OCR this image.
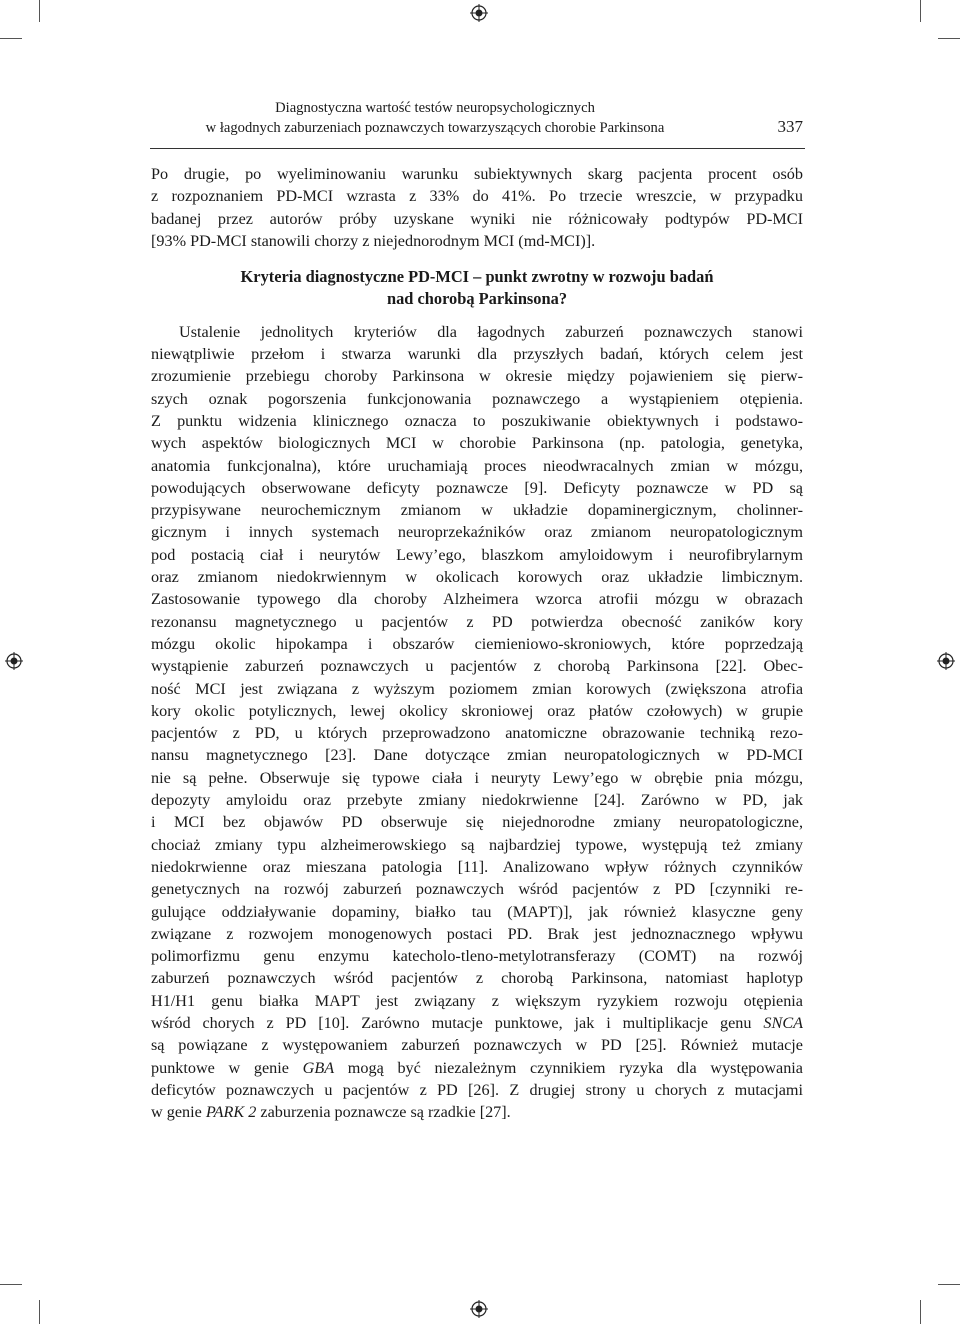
Diagnostyczna wartość testów neuropsychologicznych
w łagodnych zaburzeniach poznawczych towarzyszących chorobie Parkinsona	337
Po drugie, po wyeliminowaniu warunku subiektywnych skarg pacjenta procent osób
z rozpoznaniem PD-MCI wzrasta z 33% do 41%. Po trzecie wreszcie, w przypadku
badanej przez autorów próby uzyskane wyniki nie różnicowały podtypów PD-MCI
[93% PD-MCI stanowili chorzy z niejednorodnym MCI (md-MCI)].
Kryteria diagnostyczne PD-MCI – punkt zwrotny w rozwoju badań
nad chorobą Parkinsona?
Ustalenie jednolitych kryteriów dla łagodnych zaburzeń poznawczych stanowi
niewątpliwie przełom i stwarza warunki dla przyszłych badań, których celem jest
zrozumienie przebiegu choroby Parkinsona w okresie między pojawieniem się pierw-
szych oznak pogorszenia funkcjonowania poznawczego a wystąpieniem otępienia.
Z punktu widzenia klinicznego oznacza to poszukiwanie obiektywnych i podstawo-
wych aspektów biologicznych MCI w chorobie Parkinsona (np. patologia, genetyka,
anatomia funkcjonalna), które uruchamiają proces nieodwracalnych zmian w mózgu,
powodujących obserwowane deficyty poznawcze [9]. Deficyty poznawcze w PD są
przypisywane neurochemicznym zmianom w układzie dopaminergicznym, cholinner-
gicznym i innych systemach neuroprzekaźników oraz zmianom neuropatologicznym
pod postacią ciał i neurytów Lewy’ego, blaszkom amyloidowym i neurofibrylarnym
oraz zmianom niedokrwiennym w okolicach korowych oraz układzie limbicznym.
Zastosowanie typowego dla choroby Alzheimera wzorca atrofii mózgu w obrazach
rezonansu magnetycznego u pacjentów z PD potwierdza obecność zaników kory
mózgu okolic hipokampa i obszarów ciemieniowo-skroniowych, które poprzedzają
wystąpienie zaburzeń poznawczych u pacjentów z chorobą Parkinsona [22]. Obec-
ność MCI jest związana z wyższym poziomem zmian korowych (zwiększona atrofia
kory okolic potylicznych, lewej okolicy skroniowej oraz płatów czołowych) w grupie
pacjentów z PD, u których przeprowadzono anatomiczne obrazowanie techniką rezo-
nansu magnetycznego [23]. Dane dotyczące zmian neuropatologicznych w PD-MCI
nie są pełne. Obserwuje się typowe ciała i neuryty Lewy’ego w obrębie pnia mózgu,
depozyty amyloidu oraz przebyte zmiany niedokrwienne [24]. Zarówno w PD, jak
i MCI bez objawów PD obserwuje się niejednorodne zmiany neuropatologiczne,
chociaż zmiany typu alzheimerowskiego są najbardziej typowe, występują też zmiany
niedokrwienne oraz mieszana patologia [11]. Analizowano wpływ różnych czynników
genetycznych na rozwój zaburzeń poznawczych wśród pacjentów z PD [czynniki re-
gulujące oddziaływanie dopaminy, białko tau (MAPT)], jak również klasyczne geny
związane z rozwojem monogenowych postaci PD. Brak jest jednoznacznego wpływu
polimorfizmu genu enzymu katecholo-tleno-metylotransferazy (COMT) na rozwój
zaburzeń poznawczych wśród pacjentów z chorobą Parkinsona, natomiast haplotyp
H1/H1 genu białka MAPT jest związany z większym ryzykiem rozwoju otępienia
wśród chorych z PD [10]. Zarówno mutacje punktowe, jak i multiplikacje genu SNCA
są powiązane z występowaniem zaburzeń poznawczych w PD [25]. Również mutacje
punktowe w genie GBA mogą być niezależnym czynnikiem ryzyka dla występowania
deficytów poznawczych u pacjentów z PD [26]. Z drugiej strony u chorych z mutacjami
w genie PARK 2 zaburzenia poznawcze są rzadkie [27].
